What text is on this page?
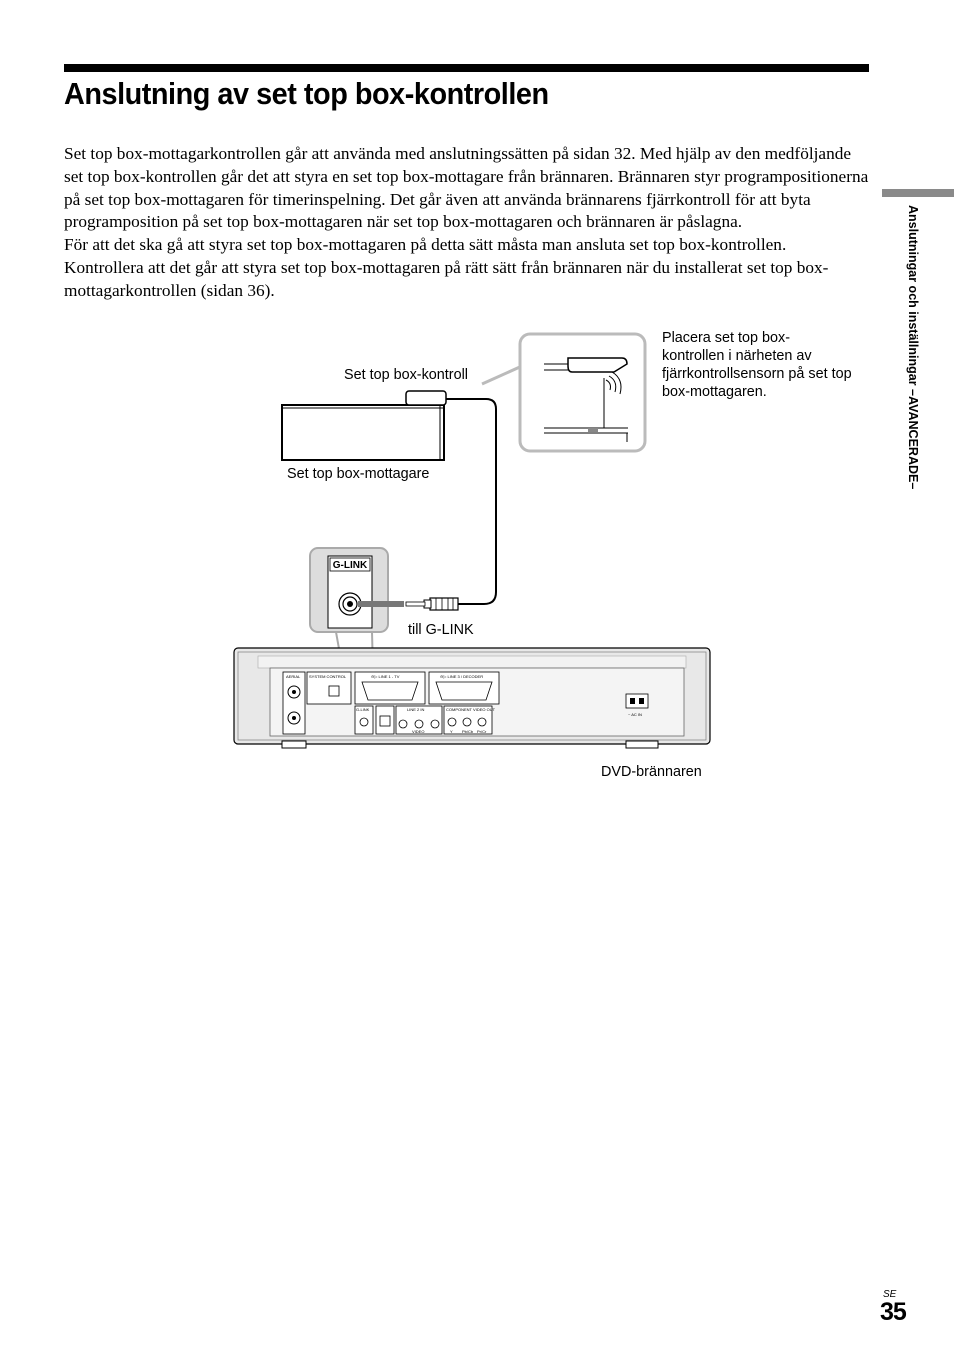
Anslutning av set top box-kontrollen

Set top box-mottagarkontrollen går att använda med anslutningssätten på sidan 32. Med hjälp av den medföljande set top box-kontrollen går det att styra en set top box-mottagare från brännaren. Brännaren styr programpositionerna på set top box-mottagaren för timerinspelning. Det går även att använda brännarens fjärrkontroll för att byta programposition på set top box-mottagaren när set top box-mottagaren och brännaren är påslagna.

För att det ska gå att styra set top box-mottagaren på detta sätt måsta man ansluta set top box-kontrollen. Kontrollera att det går att styra set top box-mottagaren på rätt sätt från brännaren när du installerat set top box-mottagarkontrollen (sidan 36).	Anslutningar och inställningar –AVANCERADE–
G-LINK
AERIAL SYSTEM CONTROL	⊖▷ LINE 1 - TV	⊖▷ LINE 3 / DECODER
G-LINK	LINE 2 IN
VIDEO
COMPONENT VIDEO OUT
Y Pb/Cb Pr/Cr
~ AC IN
Set top box-kontroll
Set top box-mottagare
till G-LINK
DVD-brännaren
Placera set top box-kontrollen i närheten av fjärrkontrollsensorn på set top box-mottagaren.
SE
35
